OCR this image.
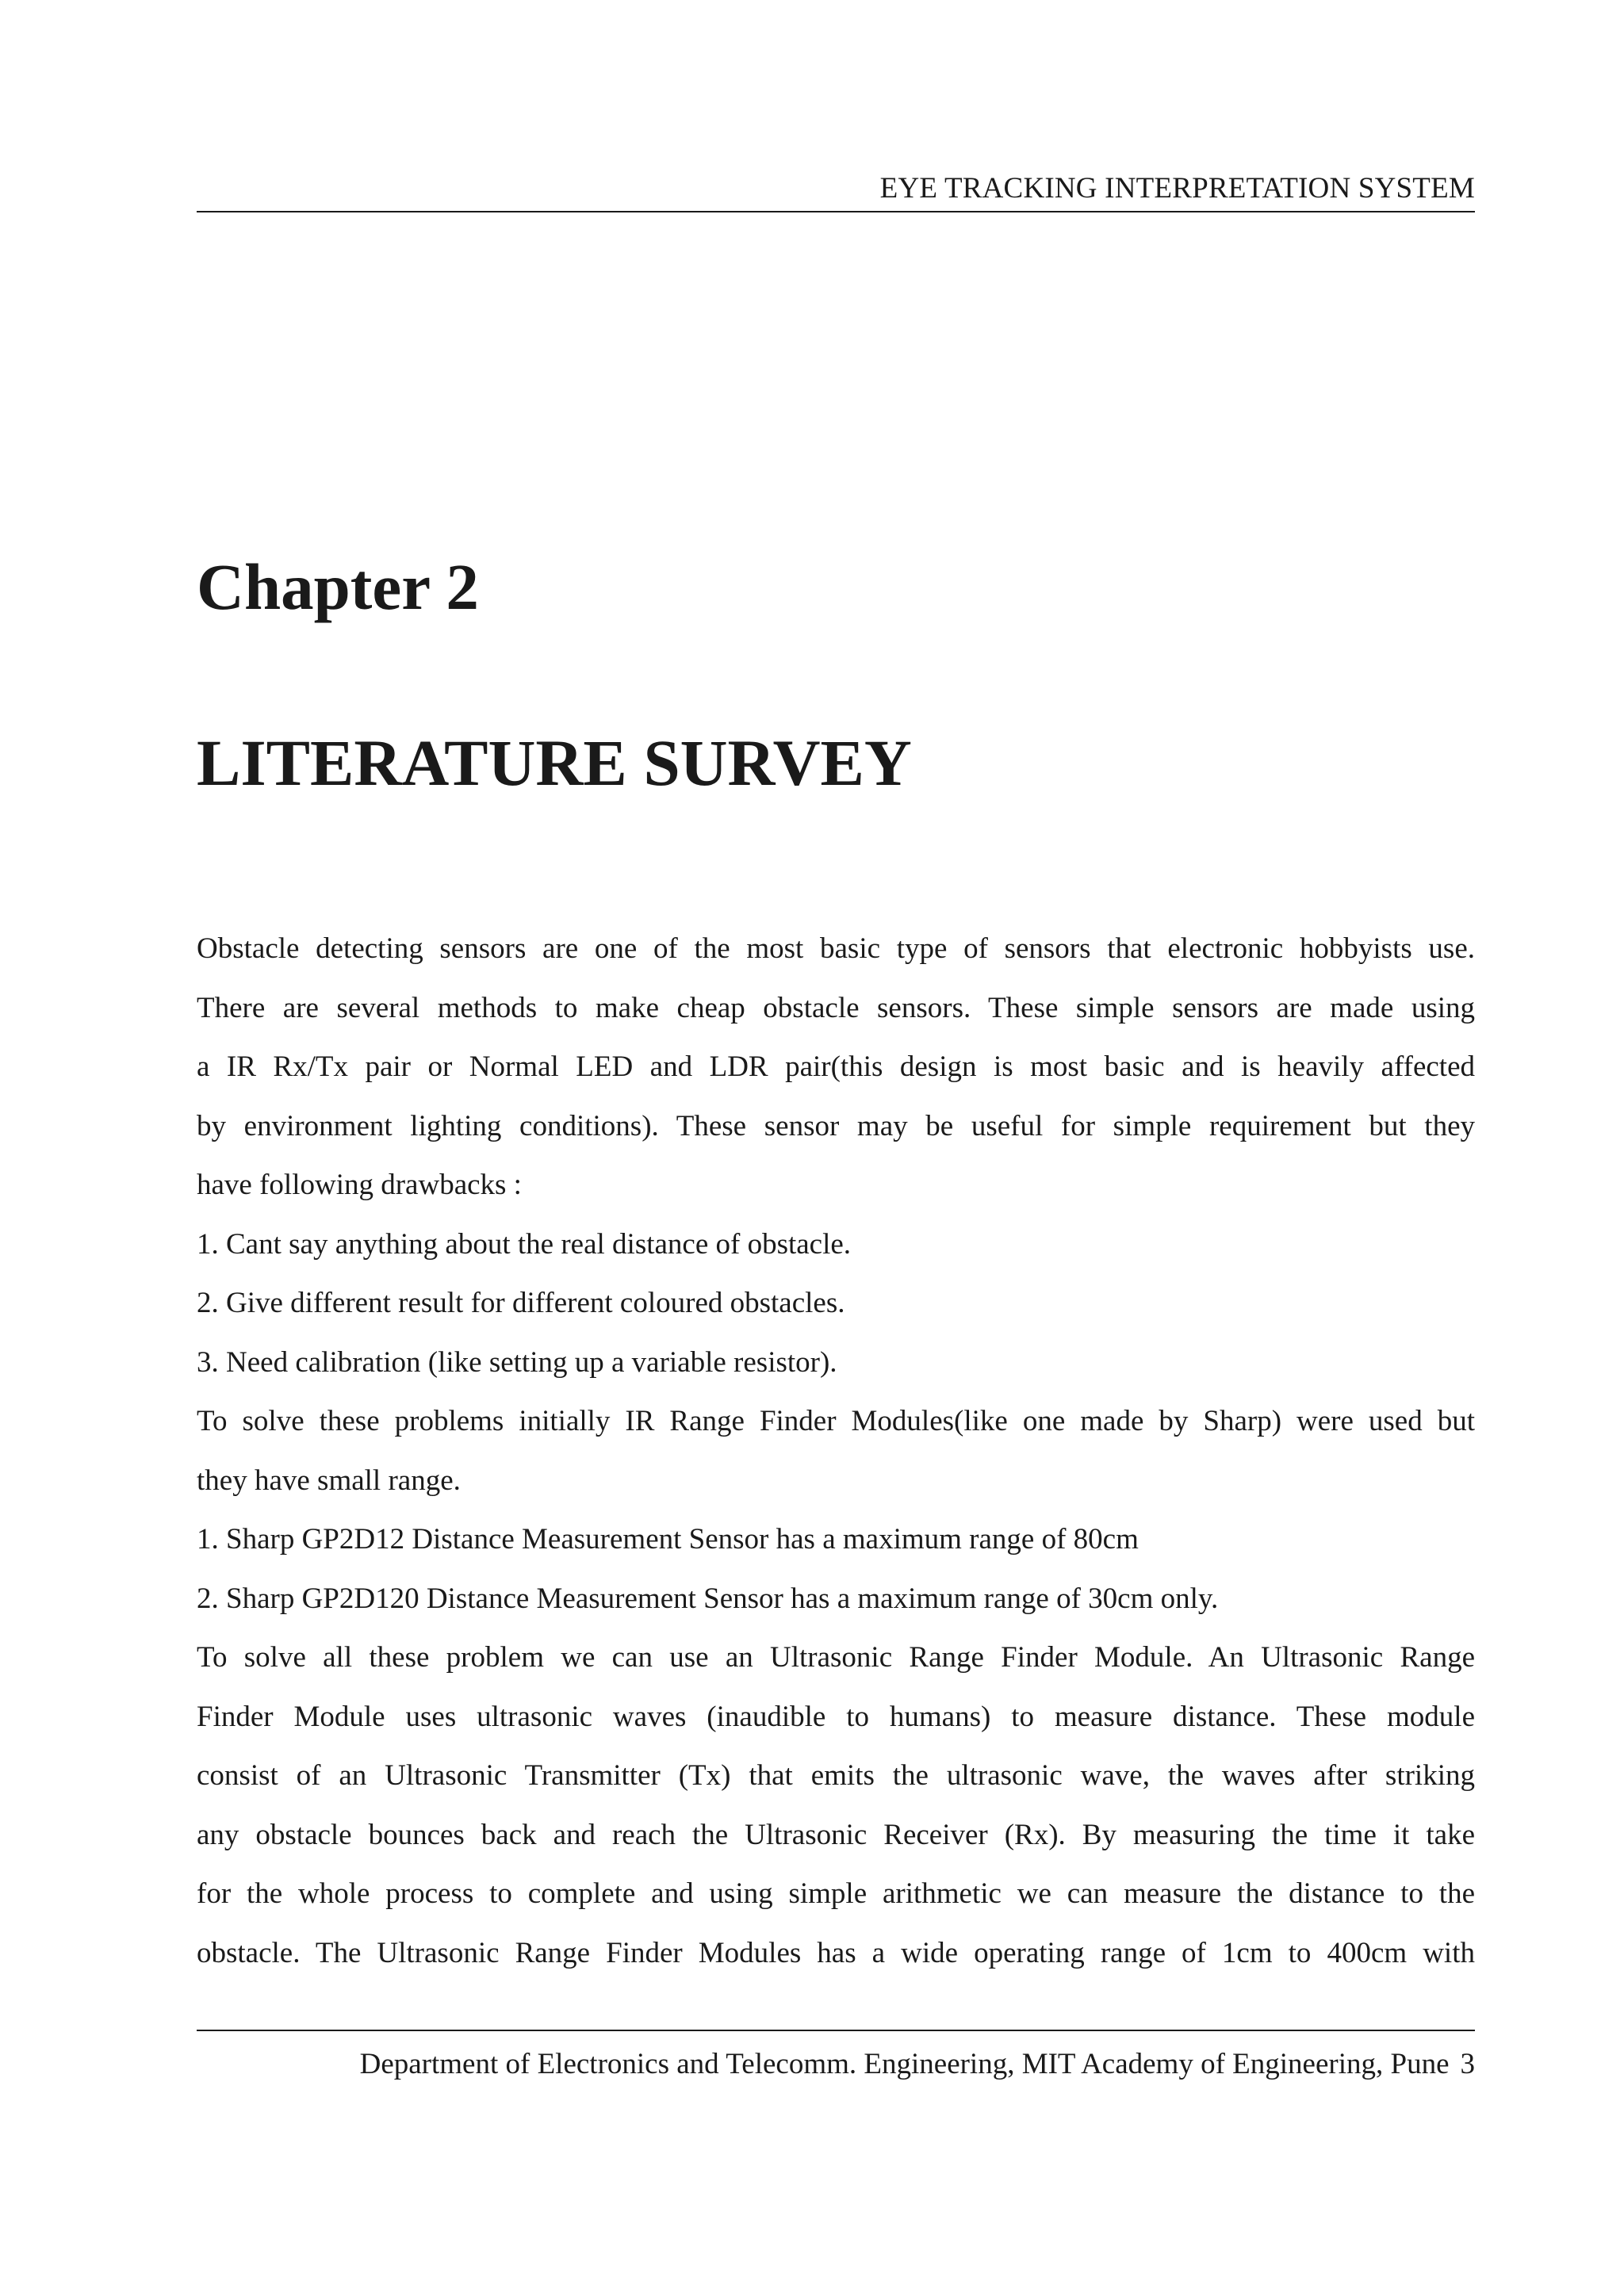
EYE TRACKING INTERPRETATION SYSTEM
Chapter 2
LITERATURE SURVEY
Obstacle detecting sensors are one of the most basic type of sensors that electronic hobbyists use.
There are several methods to make cheap obstacle sensors. These simple sensors are made using
a IR Rx/Tx pair or Normal LED and LDR pair(this design is most basic and is heavily affected
by environment lighting conditions). These sensor may be useful for simple requirement but they
have following drawbacks :
1. Cant say anything about the real distance of obstacle.
2. Give different result for different coloured obstacles.
3. Need calibration (like setting up a variable resistor).
To solve these problems initially IR Range Finder Modules(like one made by Sharp) were used but
they have small range.
1. Sharp GP2D12 Distance Measurement Sensor has a maximum range of 80cm
2. Sharp GP2D120 Distance Measurement Sensor has a maximum range of 30cm only.
To solve all these problem we can use an Ultrasonic Range Finder Module. An Ultrasonic Range
Finder Module uses ultrasonic waves (inaudible to humans) to measure distance. These module
consist of an Ultrasonic Transmitter (Tx) that emits the ultrasonic wave, the waves after striking
any obstacle bounces back and reach the Ultrasonic Receiver (Rx). By measuring the time it take
for the whole process to complete and using simple arithmetic we can measure the distance to the
obstacle. The Ultrasonic Range Finder Modules has a wide operating range of 1cm to 400cm with
Department of Electronics and Telecomm. Engineering, MIT Academy of Engineering, Pune 3
